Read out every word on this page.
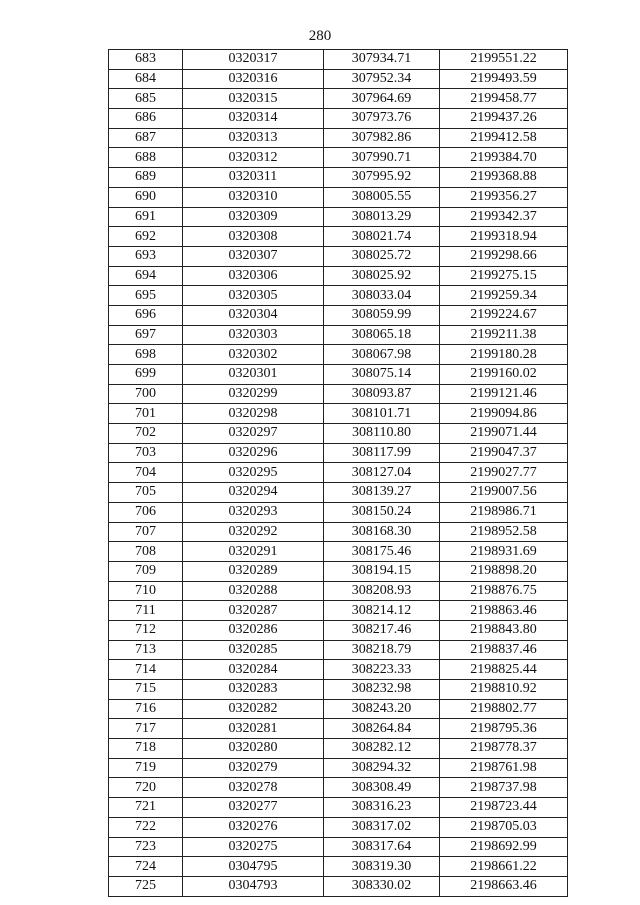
280
683	0320317	307934.71	2199551.22
684	0320316	307952.34	2199493.59
685	0320315	307964.69	2199458.77
686	0320314	307973.76	2199437.26
687	0320313	307982.86	2199412.58
688	0320312	307990.71	2199384.70
689	0320311	307995.92	2199368.88
690	0320310	308005.55	2199356.27
691	0320309	308013.29	2199342.37
692	0320308	308021.74	2199318.94
693	0320307	308025.72	2199298.66
694	0320306	308025.92	2199275.15
695	0320305	308033.04	2199259.34
696	0320304	308059.99	2199224.67
697	0320303	308065.18	2199211.38
698	0320302	308067.98	2199180.28
699	0320301	308075.14	2199160.02
700	0320299	308093.87	2199121.46
701	0320298	308101.71	2199094.86
702	0320297	308110.80	2199071.44
703	0320296	308117.99	2199047.37
704	0320295	308127.04	2199027.77
705	0320294	308139.27	2199007.56
706	0320293	308150.24	2198986.71
707	0320292	308168.30	2198952.58
708	0320291	308175.46	2198931.69
709	0320289	308194.15	2198898.20
710	0320288	308208.93	2198876.75
711	0320287	308214.12	2198863.46
712	0320286	308217.46	2198843.80
713	0320285	308218.79	2198837.46
714	0320284	308223.33	2198825.44
715	0320283	308232.98	2198810.92
716	0320282	308243.20	2198802.77
717	0320281	308264.84	2198795.36
718	0320280	308282.12	2198778.37
719	0320279	308294.32	2198761.98
720	0320278	308308.49	2198737.98
721	0320277	308316.23	2198723.44
722	0320276	308317.02	2198705.03
723	0320275	308317.64	2198692.99
724	0304795	308319.30	2198661.22
725	0304793	308330.02	2198663.46
